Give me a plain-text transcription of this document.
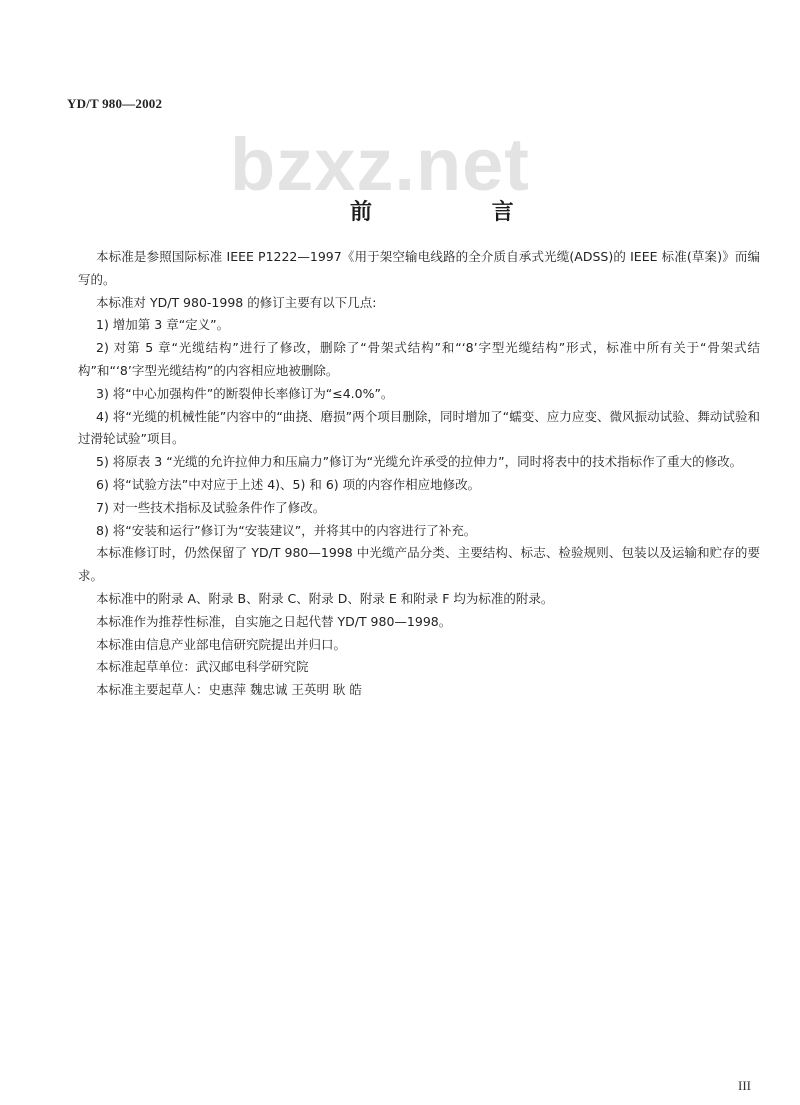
YD/T 980—2002
bzxz.net
前 言

本标准是参照国际标准 IEEE P1222—1997《用于架空输电线路的全介质自承式光缆(ADSS)的 IEEE 标准(草案)》而编写的。

本标准对 YD/T 980-1998 的修订主要有以下几点:

1) 增加第 3 章“定义”。

2) 对第 5 章“光缆结构”进行了修改，删除了“骨架式结构”和“‘8’字型光缆结构”形式，标准中所有关于“骨架式结构”和“‘8’字型光缆结构”的内容相应地被删除。

3) 将“中心加强构件”的断裂伸长率修订为“≤4.0%”。

4) 将“光缆的机械性能”内容中的“曲挠、磨损”两个项目删除，同时增加了“蠕变、应力应变、微风振动试验、舞动试验和过滑轮试验”项目。

5) 将原表 3 “光缆的允许拉伸力和压扁力”修订为“光缆允许承受的拉伸力”，同时将表中的技术指标作了重大的修改。

6) 将“试验方法”中对应于上述 4)、5) 和 6) 项的内容作相应地修改。

7) 对一些技术指标及试验条件作了修改。

8) 将“安装和运行”修订为“安装建议”，并将其中的内容进行了补充。

本标准修订时，仍然保留了 YD/T 980—1998 中光缆产品分类、主要结构、标志、检验规则、包装以及运输和贮存的要求。

本标准中的附录 A、附录 B、附录 C、附录 D、附录 E 和附录 F 均为标准的附录。

本标准作为推荐性标准，自实施之日起代替 YD/T 980—1998。

本标准由信息产业部电信研究院提出并归口。

本标准起草单位：武汉邮电科学研究院

本标准主要起草人：史惠萍 魏忠诚 王英明 耿 皓

III
